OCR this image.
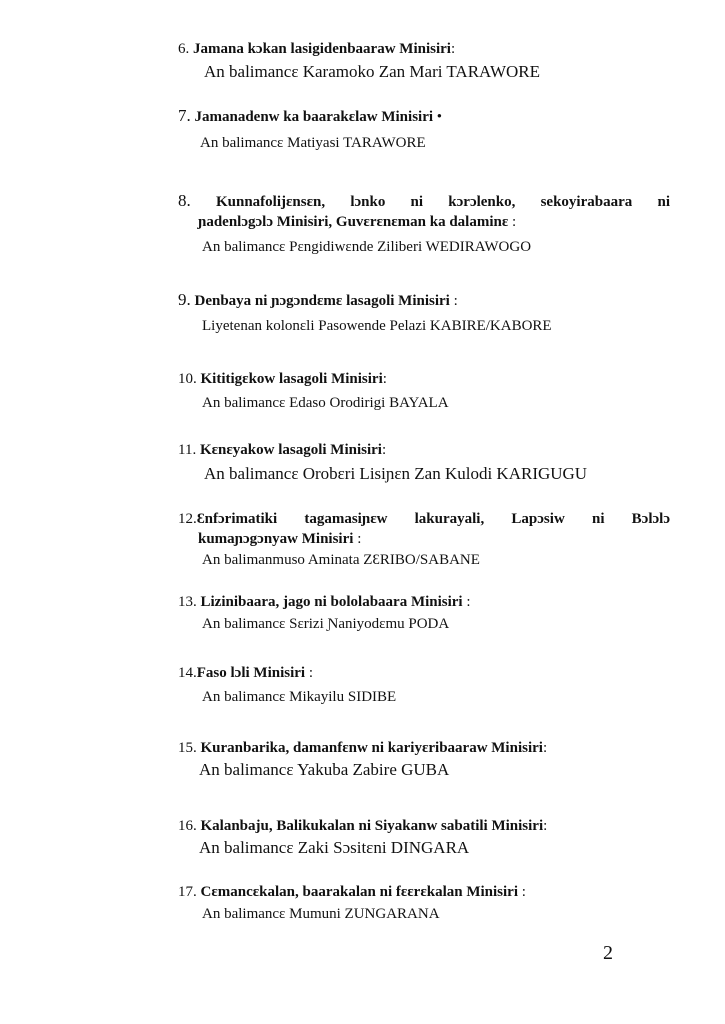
6. Jamana kɔkan lasigidenbaaraw Minisiri:
An balimancɛ Karamoko Zan Mari TARAWORE
7. Jamanadenw ka baarakɛlaw Minisiri •
An balimancɛ Matiyasi TARAWORE
8. Kunnafolijɛnsɛn, lɔnko ni kɔrɔlenko, sekoyirabaara ni
ɲadenlɔgɔlɔ Minisiri, Guvɛrɛnɛman ka dalaminɛ :
An balimancɛ Pɛngidiwɛnde Ziliberi WEDIRAWOGO
9. Denbaya ni ɲɔgɔndɛmɛ lasagoli Minisiri :
Liyetenan kolonɛli Pasowende Pelazi KABIRE/KABORE
10. Kititigɛkow lasagoli Minisiri:
An balimancɛ Edaso Orodirigi BAYALA
11. Kɛnɛyakow lasagoli Minisiri:
An balimancɛ Orobɛri Lisiɲɛn Zan Kulodi KARIGUGU
12.Ɛnfɔrimatiki tagamasiɲɛw lakurayali, Lapɔsiw ni Bɔlɔlɔ
kumaɲɔgɔnyaw Minisiri :
An balimanmuso Aminata ZƐRIBO/SABANE
13. Lizinibaara, jago ni bololabaara Minisiri :
An balimancɛ Sɛrizi Ɲaniyodɛmu PODA
14.Faso lɔli Minisiri :
An balimancɛ Mikayilu SIDIBE
15. Kuranbarika, damanfɛnw ni kariyɛribaaraw Minisiri:
An balimancɛ Yakuba Zabire GUBA
16. Kalanbaju, Balikukalan ni Siyakanw sabatili Minisiri:
An balimancɛ Zaki Sɔsitɛni DINGARA
17. Cɛmancɛkalan, baarakalan ni fɛɛrɛkalan Minisiri :
An balimancɛ Mumuni ZUNGARANA
2
